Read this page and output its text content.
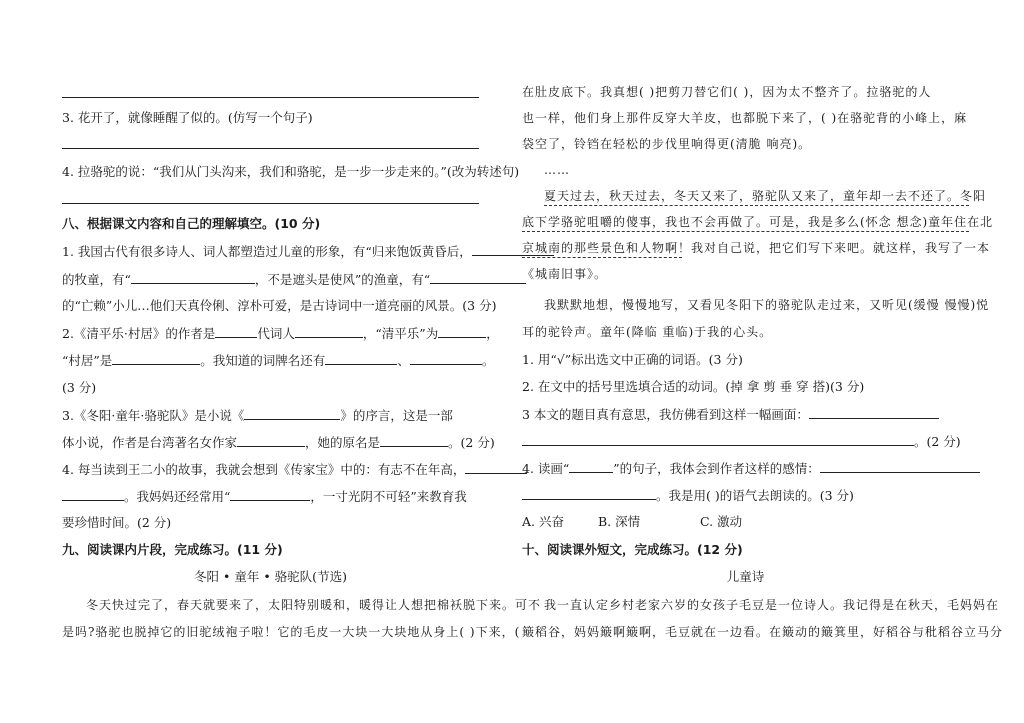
3. 花开了，就像睡醒了似的。(仿写一个句子)
4. 拉骆驼的说：“我们从门头沟来，我们和骆驼，是一步一步走来的。”(改为转述句)
八、根据课文内容和自己的理解填空。(10 分)
1. 我国古代有很多诗人、词人都塑造过儿童的形象，有“归来饱饭黄昏后，
的牧童，有“	，不是遮头是使风”的渔童，有“
的“亡赖”小儿…他们天真伶俐、淳朴可爱，是古诗词中一道亮丽的风景。(3 分)
2.《清平乐·村居》的作者是	代词人	，“清平乐”为	，
“村居”是	。我知道的词牌名还有	、	。
(3 分)
3.《冬阳·童年·骆驼队》是小说《	》的序言，这是一部
体小说，作者是台湾著名女作家	，她的原名是	。(2 分)
4. 每当读到王二小的故事，我就会想到《传家宝》中的：有志不在年高，
。我妈妈还经常用“	，一寸光阴不可轻”来教育我
要珍惜时间。(2 分)
九、阅读课内片段，完成练习。(11 分)
冬阳 • 童年 • 骆驼队(节选)
冬天快过完了，春天就要来了，太阳特别暖和，暖得让人想把棉袄脱下来。可不
是吗?骆驼也脱掉它的旧驼绒袍子啦！它的毛皮一大块一大块地从身上( )下来，(
在肚皮底下。我真想( )把剪刀替它们( )，因为太不整齐了。拉骆驼的人
也一样，他们身上那件反穿大羊皮，也都脱下来了，( )在骆驼背的小峰上，麻
袋空了，铃铛在轻松的步伐里响得更(清脆 响亮)。
……
夏天过去，秋天过去，冬天又来了，骆驼队又来了，童年却一去不还了。冬阳
底下学骆驼咀嚼的傻事，我也不会再做了。可是，我是多么(怀念 想念)童年住在北
京城南的那些景色和人物啊！我对自己说，把它们写下来吧。就这样，我写了一本
《城南旧事》。
我默默地想，慢慢地写，又看见冬阳下的骆驼队走过来，又听见(缓慢 慢慢)悦
耳的驼铃声。童年(降临 重临)于我的心头。
1. 用“√”标出选文中正确的词语。(3 分)
2. 在文中的括号里选填合适的动词。(掉 拿 剪 垂 穿 搭)(3 分)
3 本文的题目真有意思，我仿佛看到这样一幅画面：
。(2 分)
4. 读画“	”的句子，我体会到作者这样的感情：
。我是用( )的语气去朗读的。(3 分)
A. 兴奋	B. 深情	C. 激动
十、阅读课外短文，完成练习。(12 分)
儿童诗
我一直认定乡村老家六岁的女孩子毛豆是一位诗人。我记得是在秋天，毛妈妈在
簸稻谷，妈妈簸啊簸啊，毛豆就在一边看。在簸动的簸箕里，好稻谷与秕稻谷立马分
